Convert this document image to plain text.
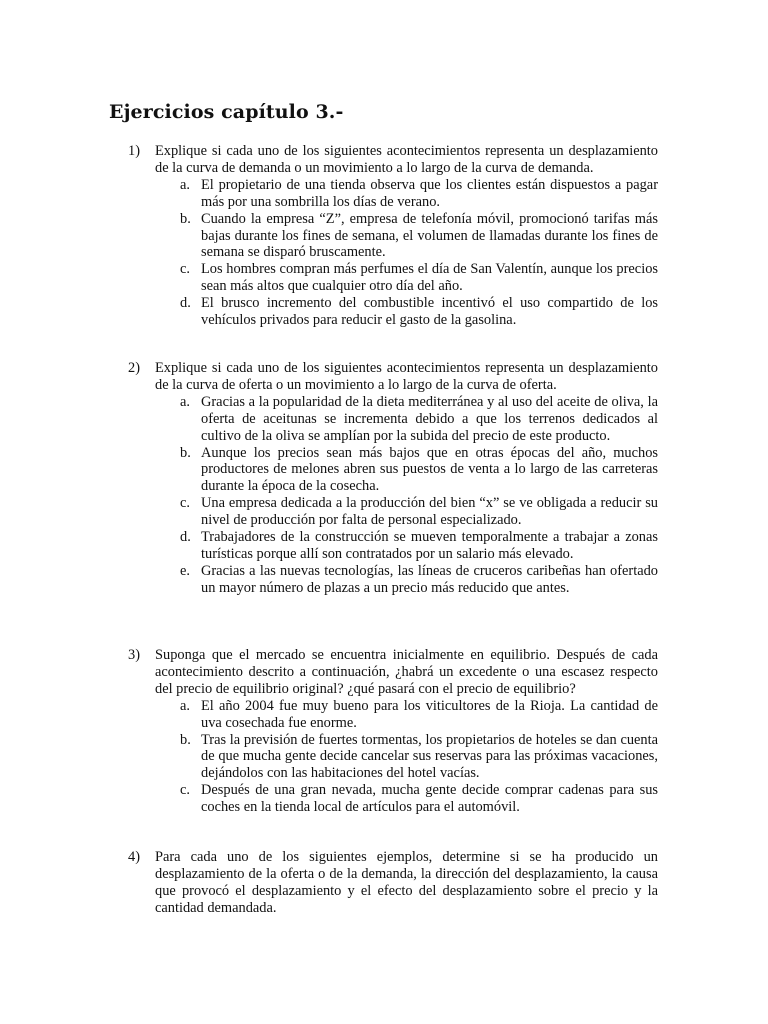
Ejercicios capítulo 3.-
1)	Explique si cada uno de los siguientes acontecimientos representa un desplazamiento de la curva de demanda o un movimiento a lo largo de la curva de demanda.
a. El propietario de una tienda observa que los clientes están dispuestos a pagar más por una sombrilla los días de verano.
b. Cuando la empresa “Z”, empresa de telefonía móvil, promocionó tarifas más bajas durante los fines de semana, el volumen de llamadas durante los fines de semana se disparó bruscamente.
c. Los hombres compran más perfumes el día de San Valentín, aunque los precios sean más altos que cualquier otro día del año.
d. El brusco incremento del combustible incentivó el uso compartido de los vehículos privados para reducir el gasto de la gasolina.
2)	Explique si cada uno de los siguientes acontecimientos representa un desplazamiento de la curva de oferta o un movimiento a lo largo de la curva de oferta.
a. Gracias a la popularidad de la dieta mediterránea y al uso del aceite de oliva, la oferta de aceitunas se incrementa debido a que los terrenos dedicados al cultivo de la oliva se amplían por la subida del precio de este producto.
b. Aunque los precios sean más bajos que en otras épocas del año, muchos productores de melones abren sus puestos de venta a lo largo de las carreteras durante la época de la cosecha.
c. Una empresa dedicada a la producción del bien “x” se ve obligada a reducir su nivel de producción por falta de personal especializado.
d. Trabajadores de la construcción se mueven temporalmente a trabajar a zonas turísticas porque allí son contratados por un salario más elevado.
e. Gracias a las nuevas tecnologías, las líneas de cruceros caribeñas han ofertado un mayor número de plazas a un precio más reducido que antes.
3)	Suponga que el mercado se encuentra inicialmente en equilibrio. Después de cada acontecimiento descrito a continuación, ¿habrá un excedente o una escasez respecto del precio de equilibrio original? ¿qué pasará con el precio de equilibrio?
a. El año 2004 fue muy bueno para los viticultores de la Rioja. La cantidad de uva cosechada fue enorme.
b. Tras la previsión de fuertes tormentas, los propietarios de hoteles se dan cuenta de que mucha gente decide cancelar sus reservas para las próximas vacaciones, dejándolos con las habitaciones del hotel vacías.
c. Después de una gran nevada, mucha gente decide comprar cadenas para sus coches en la tienda local de artículos para el automóvil.
4)	Para cada uno de los siguientes ejemplos, determine si se ha producido un desplazamiento de la oferta o de la demanda, la dirección del desplazamiento, la causa que provocó el desplazamiento y el efecto del desplazamiento sobre el precio y la cantidad demandada.
